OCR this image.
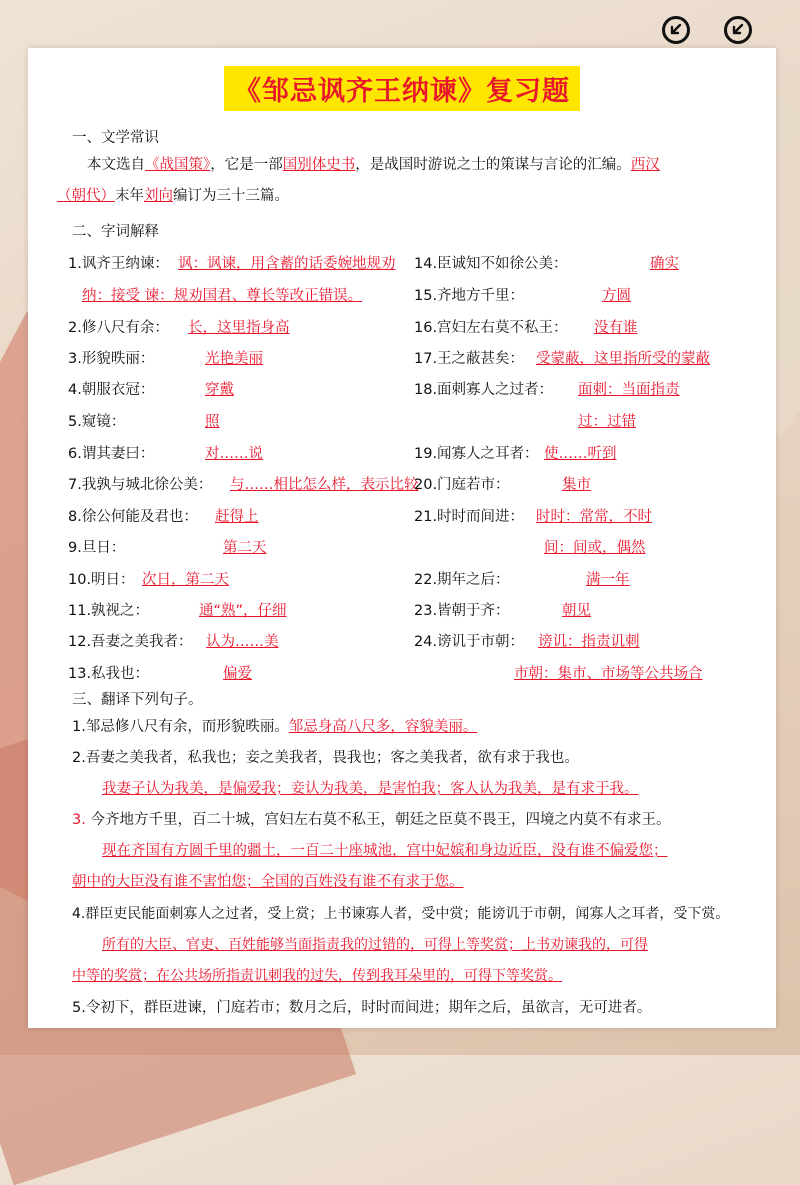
《邹忌讽齐王纳谏》复习题
一、文学常识
本文选自《战国策》，它是一部国别体史书，是战国时游说之士的策谋与言论的汇编。西汉
（朝代）末年刘向编订为三十三篇。
二、字词解释
1.讽齐王纳谏： 讽：讽谏，用含蓄的话委婉地规劝
纳：接受 谏：规劝国君、尊长等改正错误。
2.修八尺有余： 长，这里指身高
3.形貌昳丽：	光艳美丽
4.朝服衣冠：	穿戴
5.窥镜：	照
6.谓其妻曰：	对……说
7.我孰与城北徐公美： 与……相比怎么样，表示比较
8.徐公何能及君也： 赶得上
9.旦日：	第二天
10.明日： 次日，第二天
11.孰视之：	通“熟”，仔细
12.吾妻之美我者： 认为……美
13.私我也：	偏爱
14.臣诚知不如徐公美：	确实
15.齐地方千里：	方圆
16.宫妇左右莫不私王： 没有谁
17.王之蔽甚矣： 受蒙蔽，这里指所受的蒙蔽
18.面刺寡人之过者： 面刺：当面指责
过：过错
19.闻寡人之耳者： 使……听到
20.门庭若市：	集市
21.时时而间进： 时时：常常，不时
间：间或，偶然
22.期年之后：	满一年
23.皆朝于齐：	朝见
24.谤讥于市朝： 谤讥：指责讥刺
市朝：集市、市场等公共场合
三、翻译下列句子。
1.邹忌修八尺有余，而形貌昳丽。邹忌身高八尺多，容貌美丽。
2.吾妻之美我者，私我也；妾之美我者，畏我也；客之美我者，欲有求于我也。
我妻子认为我美，是偏爱我；妾认为我美，是害怕我；客人认为我美，是有求于我。
3. 今齐地方千里，百二十城，宫妇左右莫不私王，朝廷之臣莫不畏王，四境之内莫不有求王。
现在齐国有方圆千里的疆土，一百二十座城池，宫中妃嫔和身边近臣，没有谁不偏爱您；
朝中的大臣没有谁不害怕您；全国的百姓没有谁不有求于您。
4.群臣吏民能面刺寡人之过者，受上赏；上书谏寡人者，受中赏；能谤讥于市朝，闻寡人之耳者，受下赏。
所有的大臣、官吏、百姓能够当面指责我的过错的，可得上等奖赏；上书劝谏我的，可得
中等的奖赏；在公共场所指责讥刺我的过失，传到我耳朵里的，可得下等奖赏。
5.令初下，群臣进谏，门庭若市；数月之后，时时而间进；期年之后，虽欲言，无可进者。
